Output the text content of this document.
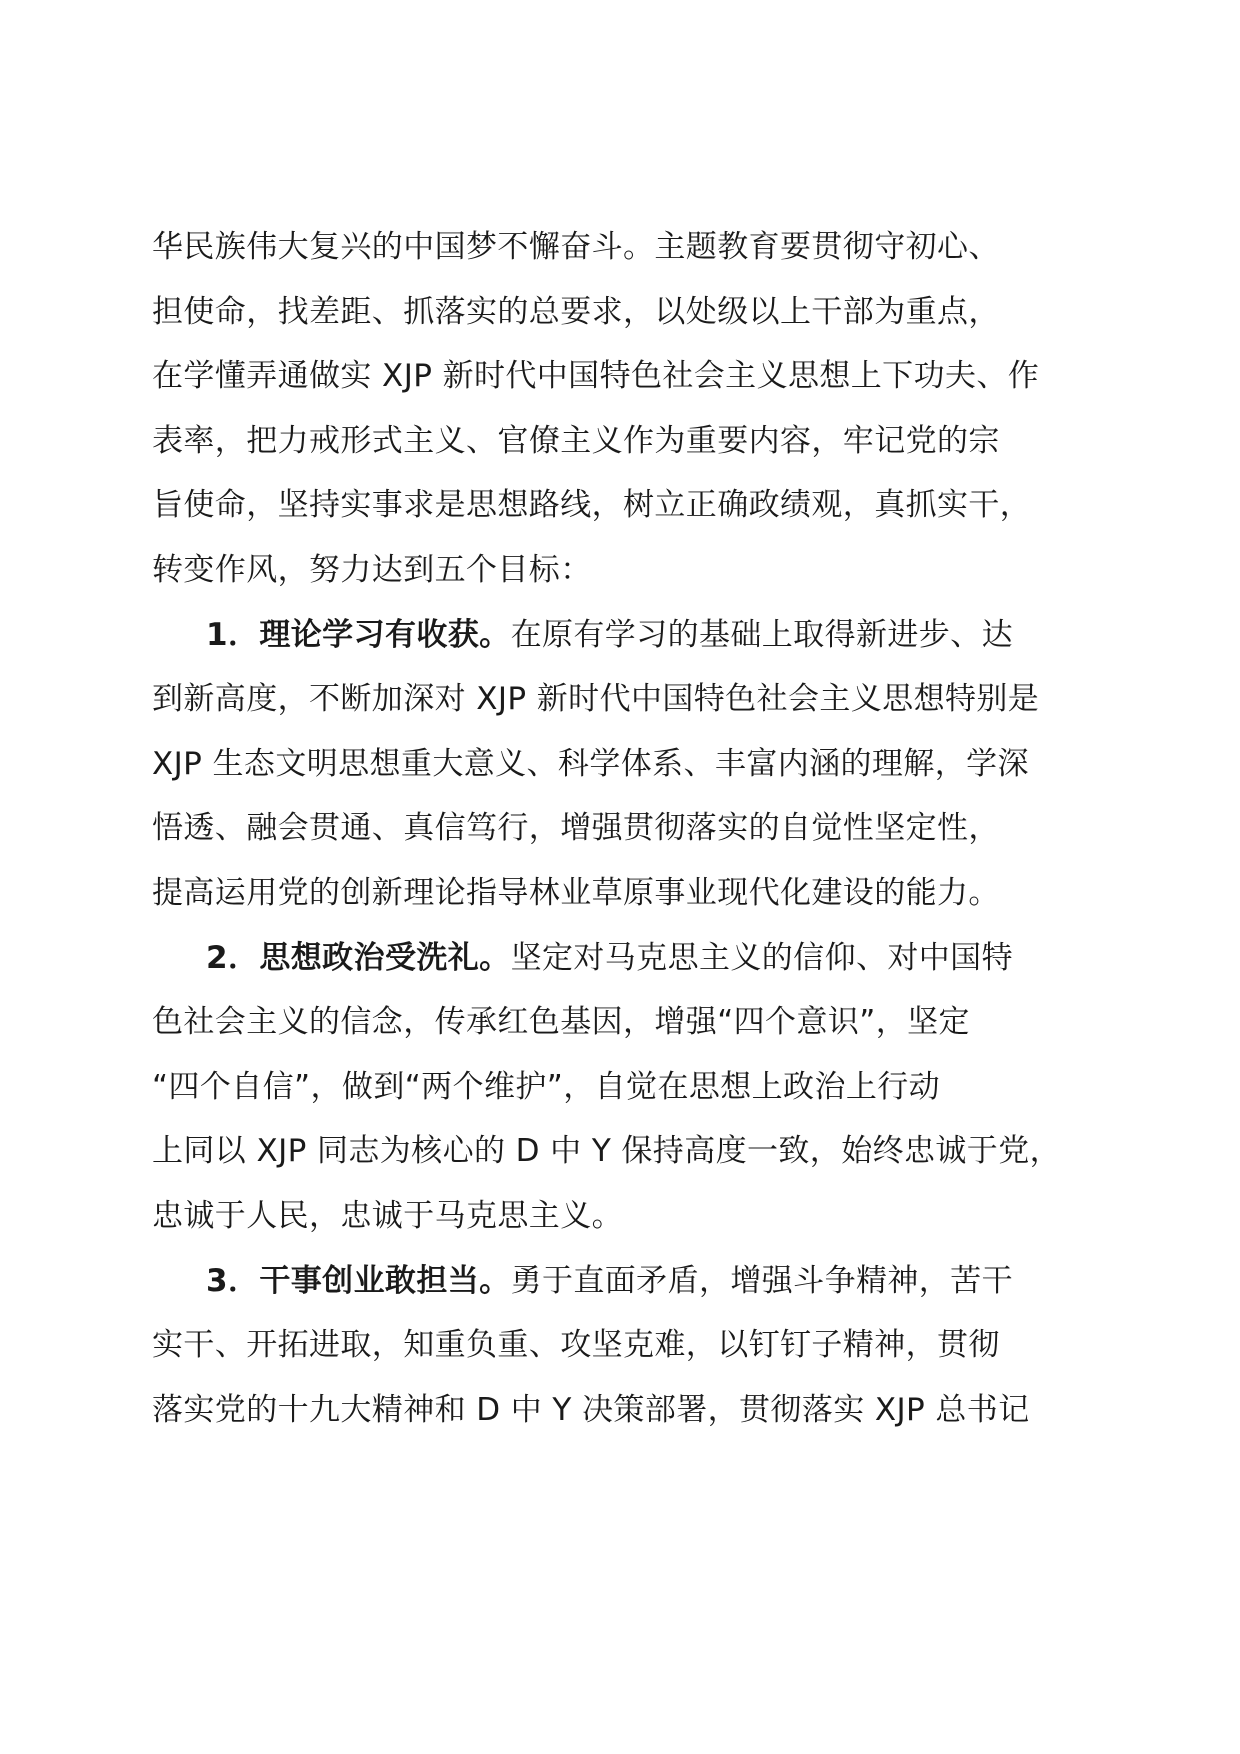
华民族伟大复兴的中国梦不懈奋斗。主题教育要贯彻守初心、
担使命，找差距、抓落实的总要求，以处级以上干部为重点，
在学懂弄通做实 XJP 新时代中国特色社会主义思想上下功夫、作
表率，把力戒形式主义、官僚主义作为重要内容，牢记党的宗
旨使命，坚持实事求是思想路线，树立正确政绩观，真抓实干，
转变作风，努力达到五个目标：
1．理论学习有收获。在原有学习的基础上取得新进步、达
到新高度，不断加深对 XJP 新时代中国特色社会主义思想特别是
XJP 生态文明思想重大意义、科学体系、丰富内涵的理解，学深
悟透、融会贯通、真信笃行，增强贯彻落实的自觉性坚定性，
提高运用党的创新理论指导林业草原事业现代化建设的能力。
2．思想政治受洗礼。坚定对马克思主义的信仰、对中国特
色社会主义的信念，传承红色基因，增强“四个意识”，坚定
“四个自信”，做到“两个维护”，自觉在思想上政治上行动
上同以 XJP 同志为核心的 D 中 Y 保持高度一致，始终忠诚于党，
忠诚于人民，忠诚于马克思主义。
3．干事创业敢担当。勇于直面矛盾，增强斗争精神，苦干
实干、开拓进取，知重负重、攻坚克难，以钉钉子精神，贯彻
落实党的十九大精神和 D 中 Y 决策部署，贯彻落实 XJP 总书记
